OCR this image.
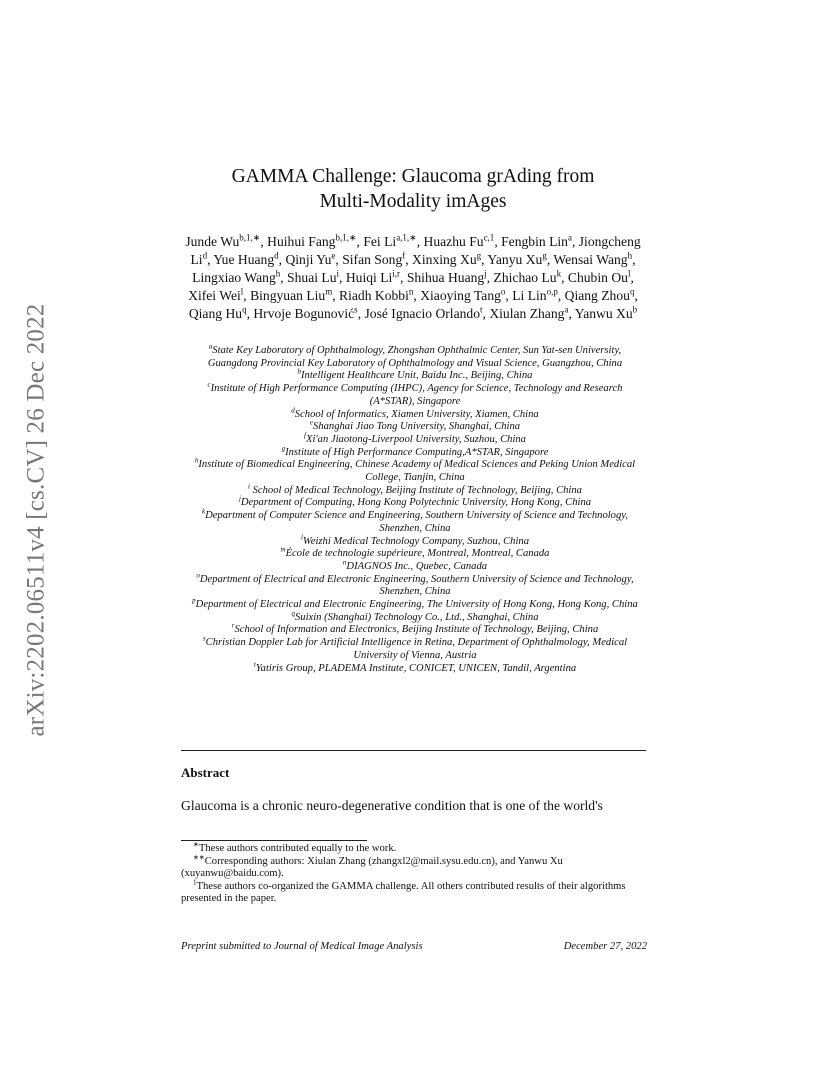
arXiv:2202.06511v4 [cs.CV] 26 Dec 2022
GAMMA Challenge: Glaucoma grAding from
Multi-Modality imAges
Junde $Wu^{b,1,∗}$, Huihui Fang$^{b,1,∗}$, Fei $Li^{a,1,∗}$, Huazhu Fu$^{c,1}$, Fengbin Lin$^a$, Jiongcheng Li$^d$, Yue Huang$^d$, Qinji Yu$^e$, Sifan Song$^f$, Xinxing Xu$^g$, Yanyu Xu$^g$, Wensai Wang$^h$, Lingxiao Wang$^h$, Shuai Lu$^i$, Huiqi Li$^{i,r}$, Shihua Huang$^j$, Zhichao Lu$^k$, Chubin Ou$^l$, Xifei Wei$^l$, Bingyuan Liu$^m$, Riadh Kobbi$^n$, Xiaoying Tang$^o$, Li Lin$^{o,p}$, Qiang Zhou$^q$, Qiang Hu$^q$, Hrvoje Bogunović$^s$, José Ignacio Orlando$^t$, Xiulan Zhang$^a$, Yanwu Xu$^b$
$^a$State Key Laboratory of Ophthalmology, Zhongshan Ophthalmic Center, Sun Yat-sen University, Guangdong Provincial Key Laboratory of Ophthalmology and Visual Science, Guangzhou, China
$^b$Intelligent Healthcare Unit, Baidu Inc., Beijing, China
$^c$Institute of High Performance Computing (IHPC), Agency for Science, Technology and Research (A*STAR), Singapore
$^d$School of Informatics, Xiamen University, Xiamen, China
$^e$Shanghai Jiao Tong University, Shanghai, China
$^f$Xi'an Jiaotong-Liverpool University, Suzhou, China
$^g$Institute of High Performance Computing,A*STAR, Singapore
$^h$Institute of Biomedical Engineering, Chinese Academy of Medical Sciences and Peking Union Medical College, Tianjin, China
$^i$ School of Medical Technology, Beijing Institute of Technology, Beijing, China
$^j$Department of Computing, Hong Kong Polytechnic University, Hong Kong, China
$^k$Department of Computer Science and Engineering, Southern University of Science and Technology, Shenzhen, China
$^l$Weizhi Medical Technology Company, Suzhou, China
$^m$École de technologie supérieure, Montreal, Montreal, Canada
$^n$DIAGNOS Inc., Quebec, Canada
$^o$Department of Electrical and Electronic Engineering, Southern University of Science and Technology, Shenzhen, China
$^p$Department of Electrical and Electronic Engineering, The University of Hong Kong, Hong Kong, China
$^q$Suixin (Shanghai) Technology Co., Ltd., Shanghai, China
$^r$School of Information and Electronics, Beijing Institute of Technology, Beijing, China
$^s$Christian Doppler Lab for Artificial Intelligence in Retina, Department of Ophthalmology, Medical University of Vienna, Austria
$^t$Yatiris Group, PLADEMA Institute, CONICET, UNICEN, Tandil, Argentina
Abstract
Glaucoma is a chronic neuro-degenerative condition that is one of the world's
∗These authors contributed equally to the work.
∗∗Corresponding authors: Xiulan Zhang (zhangxl2@mail.sysu.edu.cn), and Yanwu Xu (xuyanwu@baidu.com).
$^1$These authors co-organized the GAMMA challenge. All others contributed results of their algorithms presented in the paper.
Preprint submitted to Journal of Medical Image Analysis	December 27, 2022
